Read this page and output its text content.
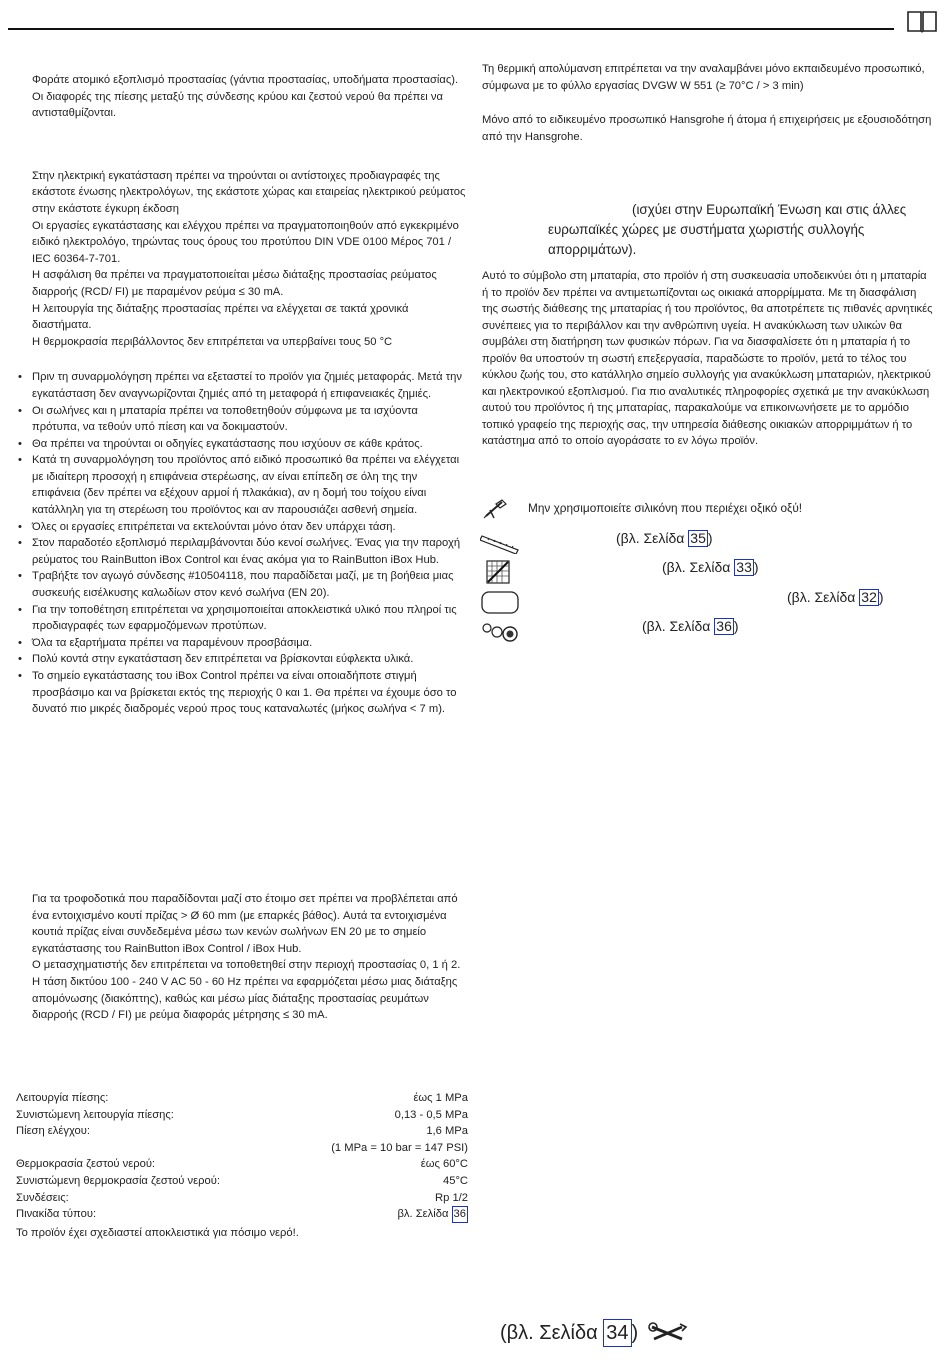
Φοράτε ατομικό εξοπλισμό προστασίας (γάντια προστασίας, υποδήματα προστασίας).

Οι διαφορές της πίεσης μεταξύ της σύνδεσης κρύου και ζεστού νερού θα πρέπει να αντισταθμίζονται.

Στην ηλεκτρική εγκατάσταση πρέπει να τηρούνται οι αντίστοιχες προδιαγραφές της εκάστοτε ένωσης ηλεκτρολόγων, της εκάστοτε χώρας και εταιρείας ηλεκτρικού ρεύματος στην εκάστοτε έγκυρη έκδοση

Οι εργασίες εγκατάστασης και ελέγχου πρέπει να πραγματοποιηθούν από εγκεκριμένο ειδικό ηλεκτρολόγο, τηρώντας τους όρους του προτύπου DIN VDE 0100 Μέρος 701 / IEC 60364-7-701.

Η ασφάλιση θα πρέπει να πραγματοποιείται μέσω διάταξης προστασίας ρεύματος διαρροής (RCD/ FI) με παραμένον ρεύμα ≤ 30 mA.

Η λειτουργία της διάταξης προστασίας πρέπει να ελέγχεται σε τακτά χρονικά διαστήματα.

Η θερμοκρασία περιβάλλοντος δεν επιτρέπεται να υπερβαίνει τους 50 °C

• Πριν τη συναρμολόγηση πρέπει να εξεταστεί το προϊόν για ζημιές μεταφοράς. Μετά την εγκατάσταση δεν αναγνωρίζονται ζημιές από τη μεταφορά ή επιφανειακές ζημιές.
• Οι σωλήνες και η μπαταρία πρέπει να τοποθετηθούν σύμφωνα με τα ισχύοντα πρότυπα, να τεθούν υπό πίεση και να δοκιμαστούν.
• Θα πρέπει να τηρούνται οι οδηγίες εγκατάστασης που ισχύουν σε κάθε κράτος.
• Κατά τη συναρμολόγηση του προϊόντος από ειδικό προσωπικό θα πρέπει να ελέγχεται με ιδιαίτερη προσοχή η επιφάνεια στερέωσης, αν είναι επίπεδη σε όλη της την επιφάνεια (δεν πρέπει να εξέχουν αρμοί ή πλακάκια), αν η δομή του τοίχου είναι κατάλληλη για τη στερέωση του προϊόντος και αν παρουσιάζει ασθενή σημεία.
• Όλες οι εργασίες επιτρέπεται να εκτελούνται μόνο όταν δεν υπάρχει τάση.
• Στον παραδοτέο εξοπλισμό περιλαμβάνονται δύο κενοί σωλήνες. Ένας για την παροχή ρεύματος του RainButton iBox Control και ένας ακόμα για το RainButton iBox Hub.
• Τραβήξτε τον αγωγό σύνδεσης #10504118, που παραδίδεται μαζί, με τη βοήθεια μιας συσκευής εισέλκυσης καλωδίων στον κενό σωλήνα (EN 20).
• Για την τοποθέτηση επιτρέπεται να χρησιμοποιείται αποκλειστικά υλικό που πληροί τις προδιαγραφές των εφαρμοζόμενων προτύπων.
• Όλα τα εξαρτήματα πρέπει να παραμένουν προσβάσιμα.
• Πολύ κοντά στην εγκατάσταση δεν επιτρέπεται να βρίσκονται εύφλεκτα υλικά.
• Το σημείο εγκατάστασης του iBox Control πρέπει να είναι οποιαδήποτε στιγμή προσβάσιμο και να βρίσκεται εκτός της περιοχής 0 και 1. Θα πρέπει να έχουμε όσο το δυνατό πιο μικρές διαδρομές νερού προς τους καταναλωτές (μήκος σωλήνα < 7 m).

Για τα τροφοδοτικά που παραδίδονται μαζί στο έτοιμο σετ πρέπει να προβλέπεται από ένα εντοιχισμένο κουτί πρίζας > Ø 60 mm (με επαρκές βάθος). Αυτά τα εντοιχισμένα κουτιά πρίζας είναι συνδεδεμένα μέσω των κενών σωλήνων EN 20 με το σημείο εγκατάστασης του RainButton iBox Control / iBox Hub.

Ο μετασχηματιστής δεν επιτρέπεται να τοποθετηθεί στην περιοχή προστασίας 0, 1 ή 2.

Η τάση δικτύου 100 - 240 V AC 50 - 60 Hz πρέπει να εφαρμόζεται μέσω μιας διάταξης απομόνωσης (διακόπτης), καθώς και μέσω μίας διάταξης προστασίας ρευμάτων διαρροής (RCD / FI) με ρεύμα διαφοράς μέτρησης ≤ 30 mA.

Λειτουργία πίεσης:	έως 1 MPa
Συνιστώμενη λειτουργία πίεσης:	0,13 - 0,5 MPa
Πίεση ελέγχου:	1,6 MPa
(1 MPa = 10 bar = 147 PSI)
Θερμοκρασία ζεστού νερού:	έως 60°C
Συνιστώμενη θερμοκρασία ζεστού νερού:	45°C
Συνδέσεις:	Rp 1/2
Πινακίδα τύπου:	βλ. Σελίδα 36

Το προϊόν έχει σχεδιαστεί αποκλειστικά για πόσιμο νερό!.

Τη θερμική απολύμανση επιτρέπεται να την αναλαμβάνει μόνο εκπαιδευμένο προσωπικό, σύμφωνα με το φύλλο εργασίας DVGW W 551 (≥ 70°C / > 3 min)

Μόνο από το ειδικευμένο προσωπικό Hansgrohe ή άτομα ή επιχειρήσεις με εξουσιοδότηση από την Hansgrohe.

(ισχύει στην Ευρωπαϊκή Ένωση και στις άλλες ευρωπαϊκές χώρες με συστήματα χωριστής συλλογής απορριμάτων).

Αυτό το σύμβολο στη μπαταρία, στο προϊόν ή στη συσκευασία υποδεικνύει ότι η μπαταρία ή το προϊόν δεν πρέπει να αντιμετωπίζονται ως οικιακά απορρίμματα. Με τη διασφάλιση της σωστής διάθεσης της μπαταρίας ή του προϊόντος, θα αποτρέπετε τις πιθανές αρνητικές συνέπειες για το περιβάλλον και την ανθρώπινη υγεία. Η ανακύκλωση των υλικών θα συμβάλει στη διατήρηση των φυσικών πόρων. Για να διασφαλίσετε ότι η μπαταρία ή το προϊόν θα υποστούν τη σωστή επεξεργασία, παραδώστε το προϊόν, μετά το τέλος του κύκλου ζωής του, στο κατάλληλο σημείο συλλογής για ανακύκλωση μπαταριών, ηλεκτρικού και ηλεκτρονικού εξοπλισμού. Για πιο αναλυτικές πληροφορίες σχετικά με την ανακύκλωση αυτού του προϊόντος ή της μπαταρίας, παρακαλούμε να επικοινωνήσετε με το αρμόδιο τοπικό γραφείο της περιοχής σας, την υπηρεσία διάθεσης οικιακών απορριμμάτων ή το κατάστημα από το οποίο αγοράσατε το εν λόγω προϊόν.

Μην χρησιμοποιείτε σιλικόνη που περιέχει οξικό οξύ!
(βλ. Σελίδα 35 )
(βλ. Σελίδα 33 )
(βλ. Σελίδα 32 )
(βλ. Σελίδα 36 )
(βλ. Σελίδα 34 )
